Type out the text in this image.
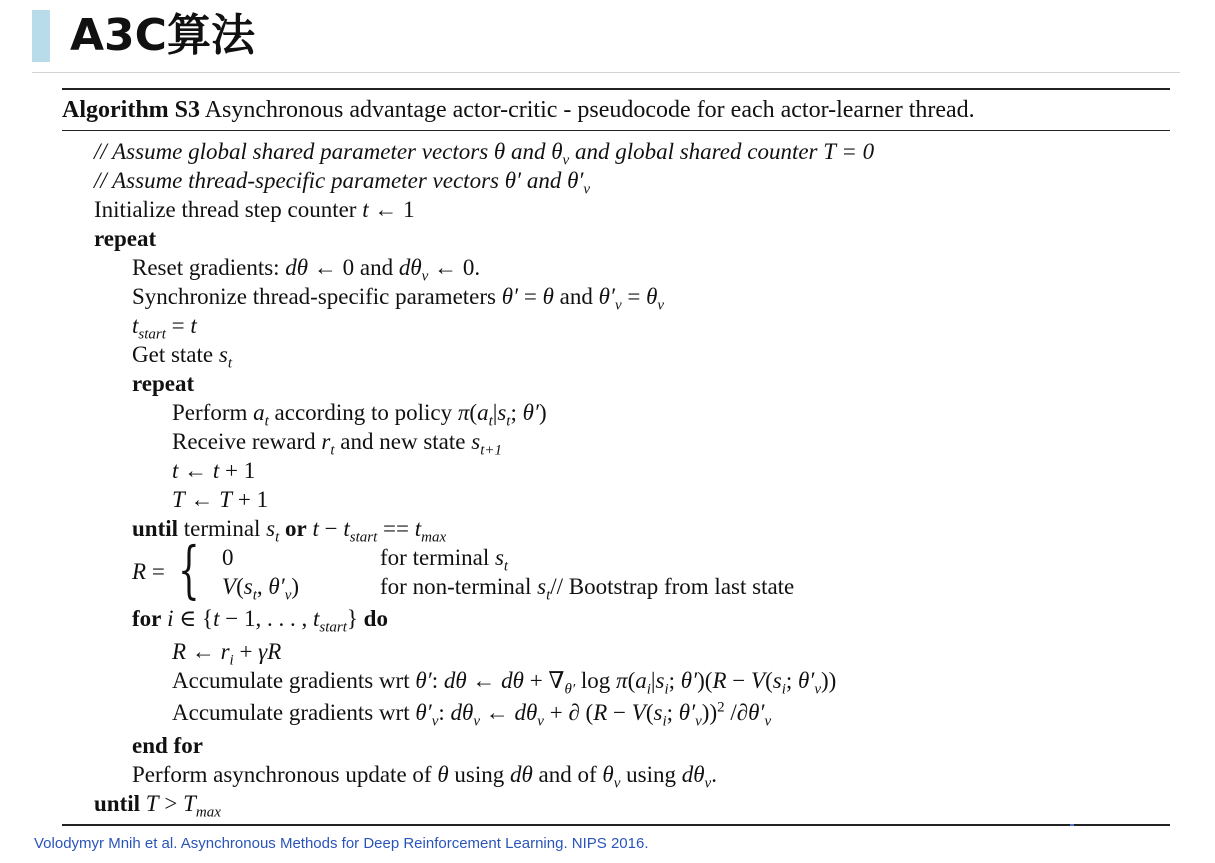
A3C算法
Algorithm S3 Asynchronous advantage actor-critic - pseudocode for each actor-learner thread.
// Assume global shared parameter vectors θ and $\theta_v$ and global shared counter T = 0
// Assume thread-specific parameter vectors θ′ and $\theta'_v$
Initialize thread step counter t ← 1
repeat
Reset gradients: dθ ← 0 and $d\theta_v$ ← 0.
Synchronize thread-specific parameters θ′ = θ and $\theta'_v = \theta_v$
$t_{start} = t$
Get state $s_t$
repeat
Perform $a_t$ according to policy $\pi(a_t|s_t$; θ′)
Receive reward $r_t$ and new state $s_{t+1}$
t ← t + 1
T ← T + 1
until terminal $s_t$ or $t - t_{start} == t_{max}$
R = { 0
$V(s_t$, $\theta'_v$)
for terminal $s_t$
for non-terminal $s_t//$ Bootstrap from last state
for i ∈ {t − 1, . . . , $t_{start}$} do
R ← $r_i + \gamma R$
Accumulate gradients wrt θ′: dθ ← $d\theta + \nabla_{\theta'}$ $\log \pi(a_i|s_i$; $\theta')(R - V(s_i$; $\theta'_v$))
Accumulate gradients wrt $\theta'_v$: $d\theta_v$ ← $d\theta_v$ + ∂ ($R - V(s_i$; $\theta'_v))^2$ $/\partial\theta'_v$
end for
Perform asynchronous update of θ using dθ and of $\theta_v$ using $d\theta_v$.
until $T > T_{max}$
Volodymyr Mnih et al. Asynchronous Methods for Deep Reinforcement Learning. NIPS 2016.
